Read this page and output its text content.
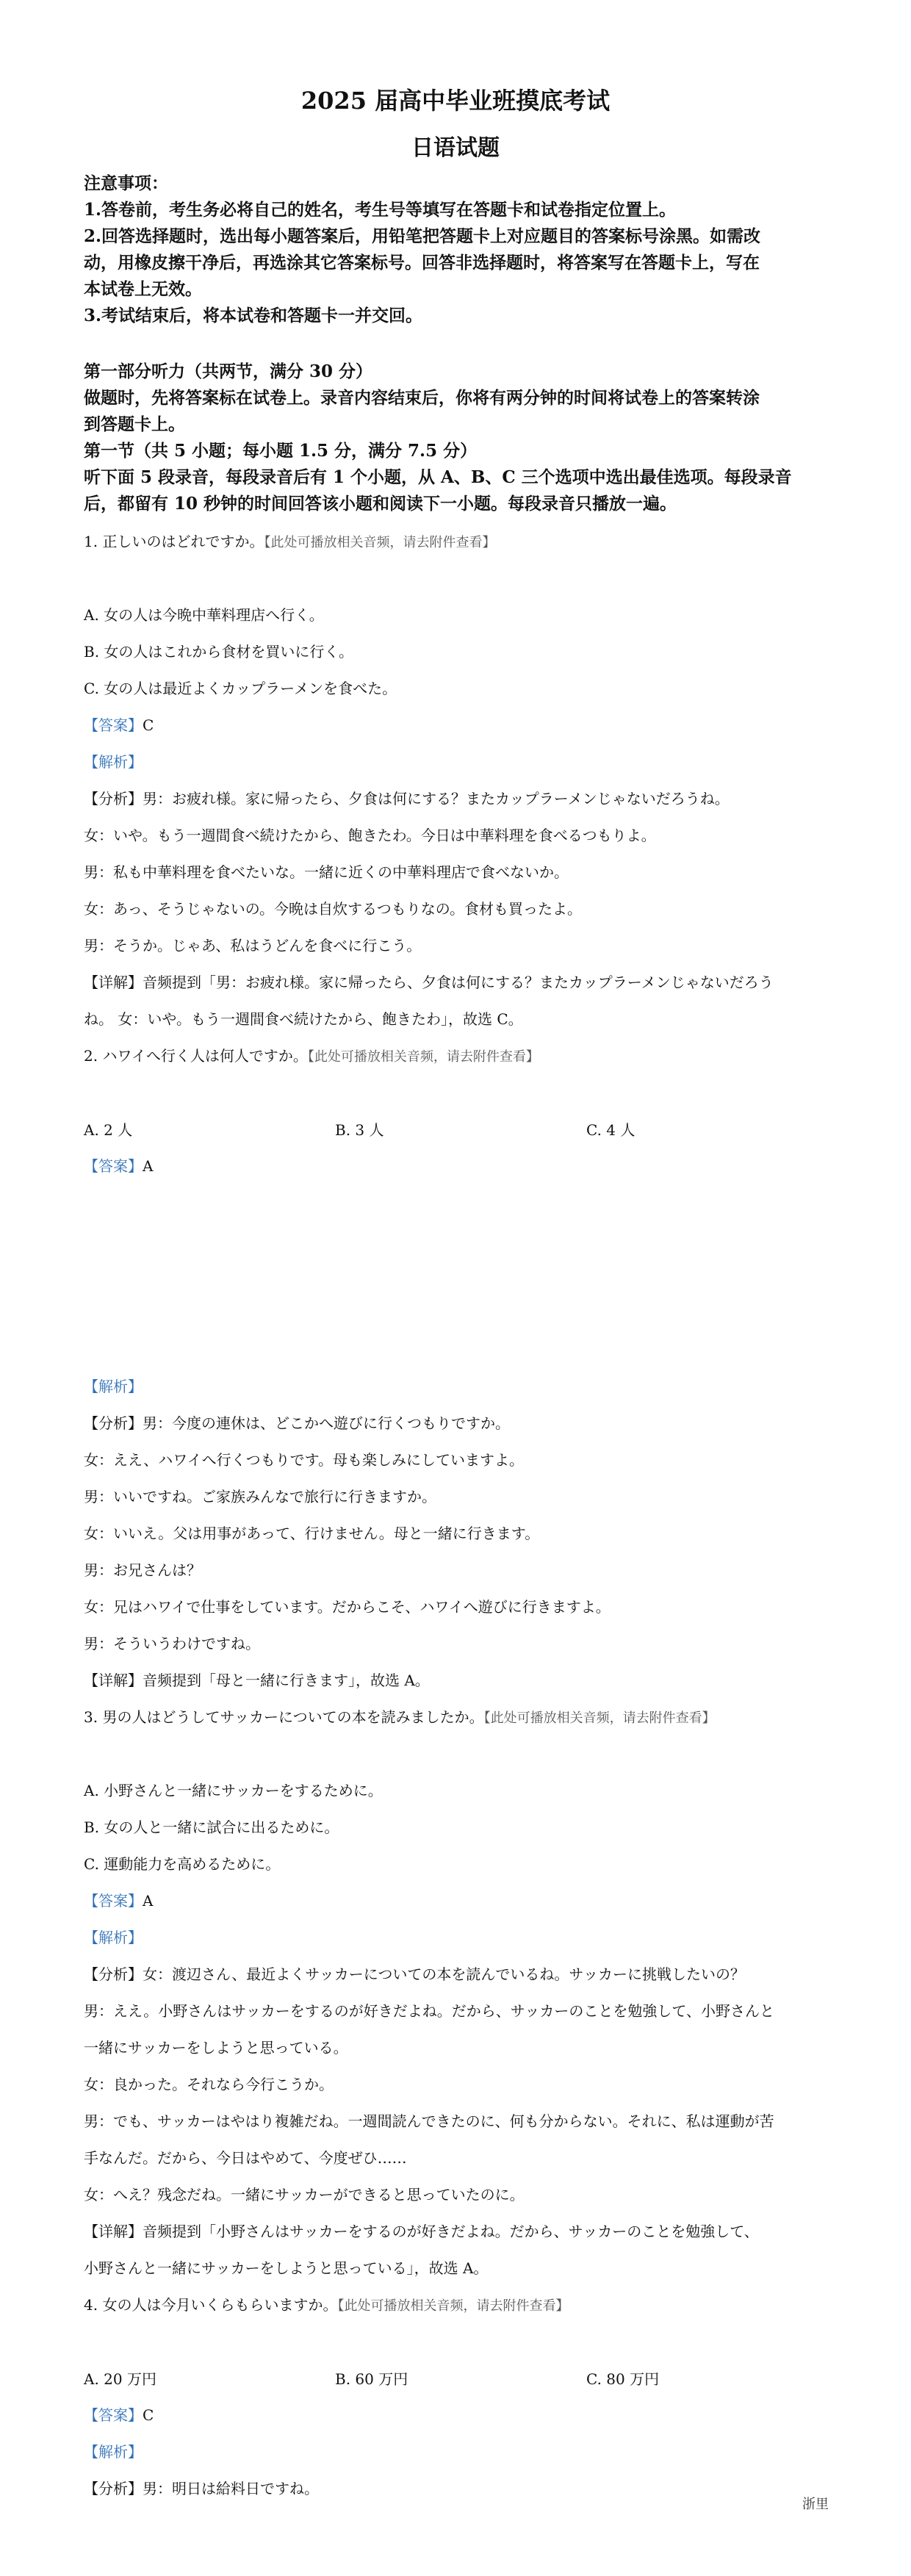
2025 届高中毕业班摸底考试
日语试题
注意事项：
1.答卷前，考生务必将自己的姓名，考生号等填写在答题卡和试卷指定位置上。
2.回答选择题时，选出每小题答案后，用铅笔把答题卡上对应题目的答案标号涂黑。如需改
动，用橡皮擦干净后，再选涂其它答案标号。回答非选择题时，将答案写在答题卡上，写在
本试卷上无效。
3.考试结束后，将本试卷和答题卡一并交回。
第一部分听力（共两节，满分 30 分）
做题时，先将答案标在试卷上。录音内容结束后，你将有两分钟的时间将试卷上的答案转涂
到答题卡上。
第一节（共 5 小题；每小题 1.5 分，满分 7.5 分）
听下面 5 段录音，每段录音后有 1 个小题，从 A、B、C 三个选项中选出最佳选项。每段录音
后，都留有 10 秒钟的时间回答该小题和阅读下一小题。每段录音只播放一遍。
1. 正しいのはどれですか。【此处可播放相关音频，请去附件查看】
A. 女の人は今晩中華料理店へ行く。
B. 女の人はこれから食材を買いに行く。
C. 女の人は最近よくカップラーメンを食べた。
【答案】C
【解析】
【分析】男：お疲れ様。家に帰ったら、夕食は何にする？またカップラーメンじゃないだろうね。
女：いや。もう一週間食べ続けたから、飽きたわ。今日は中華料理を食べるつもりよ。
男：私も中華料理を食べたいな。一緒に近くの中華料理店で食べないか。
女：あっ、そうじゃないの。今晩は自炊するつもりなの。食材も買ったよ。
男：そうか。じゃあ、私はうどんを食べに行こう。
【详解】音频提到「男：お疲れ様。家に帰ったら、夕食は何にする？またカップラーメンじゃないだろう
ね。 女：いや。もう一週間食べ続けたから、飽きたわ」，故选 C。
2. ハワイへ行く人は何人ですか。【此处可播放相关音频，请去附件查看】
A. 2 人	B. 3 人	C. 4 人
【答案】A
【解析】
【分析】男：今度の連休は、どこかへ遊びに行くつもりですか。
女：ええ、ハワイへ行くつもりです。母も楽しみにしていますよ。
男：いいですね。ご家族みんなで旅行に行きますか。
女：いいえ。父は用事があって、行けません。母と一緒に行きます。
男：お兄さんは？
女：兄はハワイで仕事をしています。だからこそ、ハワイへ遊びに行きますよ。
男：そういうわけですね。
【详解】音频提到「母と一緒に行きます」，故选 A。
3. 男の人はどうしてサッカーについての本を読みましたか。【此处可播放相关音频，请去附件查看】
A. 小野さんと一緒にサッカーをするために。
B. 女の人と一緒に試合に出るために。
C. 運動能力を高めるために。
【答案】A
【解析】
【分析】女：渡辺さん、最近よくサッカーについての本を読んでいるね。サッカーに挑戦したいの？
男：ええ。小野さんはサッカーをするのが好きだよね。だから、サッカーのことを勉強して、小野さんと
一緒にサッカーをしようと思っている。
女：良かった。それなら今行こうか。
男：でも、サッカーはやはり複雑だね。一週間読んできたのに、何も分からない。それに、私は運動が苦
手なんだ。だから、今日はやめて、今度ぜひ……
女：へえ？残念だね。一緒にサッカーができると思っていたのに。
【详解】音频提到「小野さんはサッカーをするのが好きだよね。だから、サッカーのことを勉強して、
小野さんと一緒にサッカーをしようと思っている」，故选 A。
4. 女の人は今月いくらもらいますか。【此处可播放相关音频，请去附件查看】
A. 20 万円	B. 60 万円	C. 80 万円
【答案】C
【解析】
【分析】男：明日は給料日ですね。
浙里
